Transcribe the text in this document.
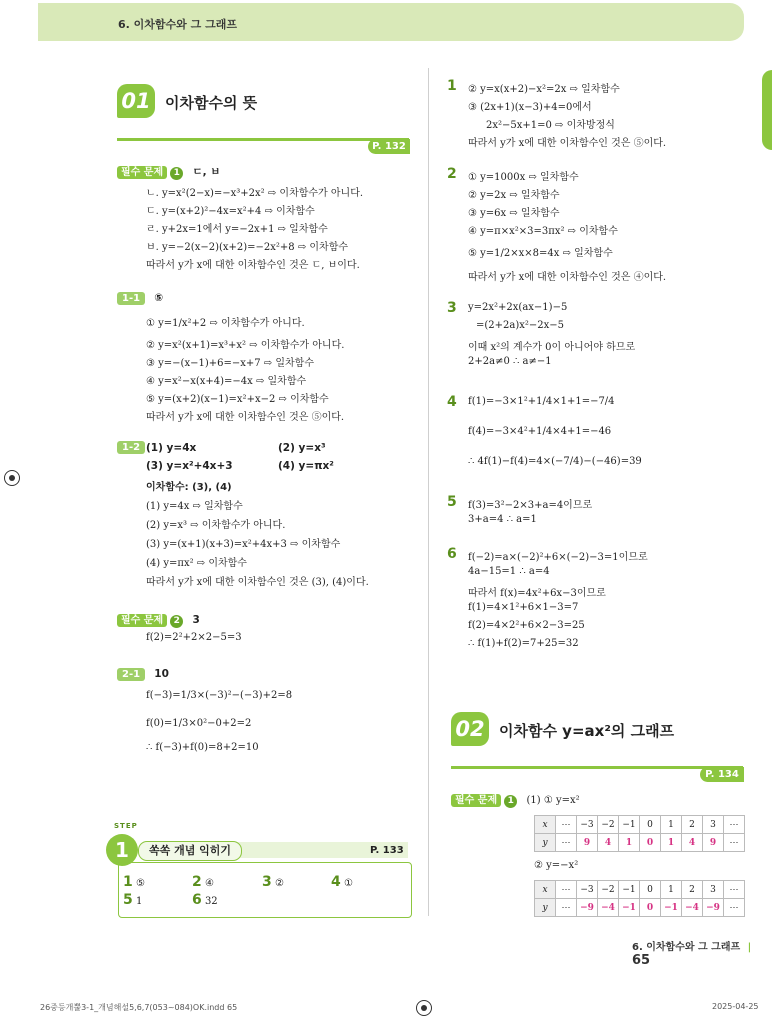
6. 이차함수와 그 그래프
01 이차함수의 뜻
P. 132
필수 문제 1 ㄷ, ㅂ
ㄴ. y=x²(2−x)=−x³+2x² ⇨ 이차함수가 아니다.
ㄷ. y=(x+2)²−4x=x²+4 ⇨ 이차함수
ㄹ. y+2x=1에서 y=−2x+1 ⇨ 일차함수
ㅂ. y=−2(x−2)(x+2)=−2x²+8 ⇨ 이차함수
따라서 y가 x에 대한 이차함수인 것은 ㄷ, ㅂ이다.
1-1 ⑤
① y=1/x²+2 ⇨ 이차함수가 아니다.
② y=x²(x+1)=x³+x² ⇨ 이차함수가 아니다.
③ y=−(x−1)+6=−x+7 ⇨ 일차함수
④ y=x²−x(x+4)=−4x ⇨ 일차함수
⑤ y=(x+2)(x−1)=x²+x−2 ⇨ 이차함수
따라서 y가 x에 대한 이차함수인 것은 ⑤이다.
1-2 (1) y=4x	(2) y=x³
(3) y=x²+4x+3	(4) y=πx²
이차함수: (3), (4)
(1) y=4x ⇨ 일차함수
(2) y=x³ ⇨ 이차함수가 아니다.
(3) y=(x+1)(x+3)=x²+4x+3 ⇨ 이차함수
(4) y=πx² ⇨ 이차함수
따라서 y가 x에 대한 이차함수인 것은 (3), (4)이다.
필수 문제 2 3
f(2)=2²+2×2−5=3
2-1 10
f(−3)=1/3×(−3)²−(−3)+2=8
f(0)=1/3×0²−0+2=2
∴ f(−3)+f(0)=8+2=10
STEP
쏙쏙 개념 익히기
1	P. 133
1 ⑤	2 ④	3 ②	4 ①
5 1	6 32
1 ② y=x(x+2)−x²=2x ⇨ 일차함수
③ (2x+1)(x−3)+4=0에서
2x²−5x+1=0 ⇨ 이차방정식
따라서 y가 x에 대한 이차함수인 것은 ⑤이다.
2 ① y=1000x ⇨ 일차함수
② y=2x ⇨ 일차함수
③ y=6x ⇨ 일차함수
④ y=π×x²×3=3πx² ⇨ 이차함수
⑤ y=1/2×x×8=4x ⇨ 일차함수
따라서 y가 x에 대한 이차함수인 것은 ④이다.
3 y=2x²+2x(ax−1)−5
=(2+2a)x²−2x−5
이때 x²의 계수가 0이 아니어야 하므로
2+2a≠0 ∴ a≠−1
4 f(1)=−3×1²+1/4×1+1=−7/4
f(4)=−3×4²+1/4×4+1=−46
∴ 4f(1)−f(4)=4×(−7/4)−(−46)=39
5 f(3)=3²−2×3+a=4이므로
3+a=4 ∴ a=1
6 f(−2)=a×(−2)²+6×(−2)−3=1이므로
4a−15=1 ∴ a=4
따라서 f(x)=4x²+6x−3이므로
f(1)=4×1²+6×1−3=7
f(2)=4×2²+6×2−3=25
∴ f(1)+f(2)=7+25=32
02 이차함수 y=ax²의 그래프
P. 134
필수 문제 1 (1) ① y=x²
x	⋯	−3	−2	−1	0	1	2	3	⋯
y	⋯	9	4	1	0	1	4	9	⋯
② y=−x²
x	⋯	−3	−2	−1	0	1	2	3	⋯
y	⋯	−9	−4	−1	0	−1	−4	−9	⋯
6. 이차함수와 그 그래프 | 65
26중등개뿔3-1_개념해설5,6,7(053~084)OK.indd 65	2025-04-25
